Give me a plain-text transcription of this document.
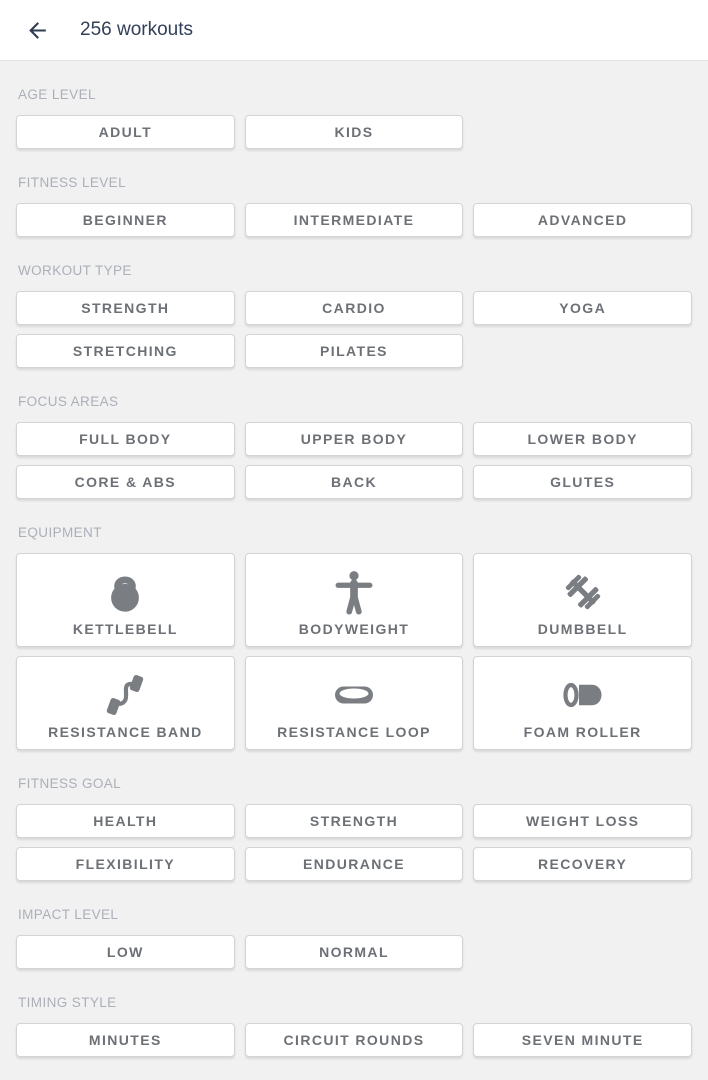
256 workouts
AGE LEVEL
ADULT	KIDS
FITNESS LEVEL
BEGINNER	INTERMEDIATE	ADVANCED
WORKOUT TYPE
STRENGTH	CARDIO	YOGA
STRETCHING	PILATES
FOCUS AREAS
FULL BODY	UPPER BODY	LOWER BODY
CORE & ABS	BACK	GLUTES
EQUIPMENT
KETTLEBELL	BODYWEIGHT	DUMBBELL
RESISTANCE BAND	RESISTANCE LOOP	FOAM ROLLER
FITNESS GOAL
HEALTH	STRENGTH	WEIGHT LOSS
FLEXIBILITY	ENDURANCE	RECOVERY
IMPACT LEVEL
LOW	NORMAL
TIMING STYLE
MINUTES	CIRCUIT ROUNDS	SEVEN MINUTE
